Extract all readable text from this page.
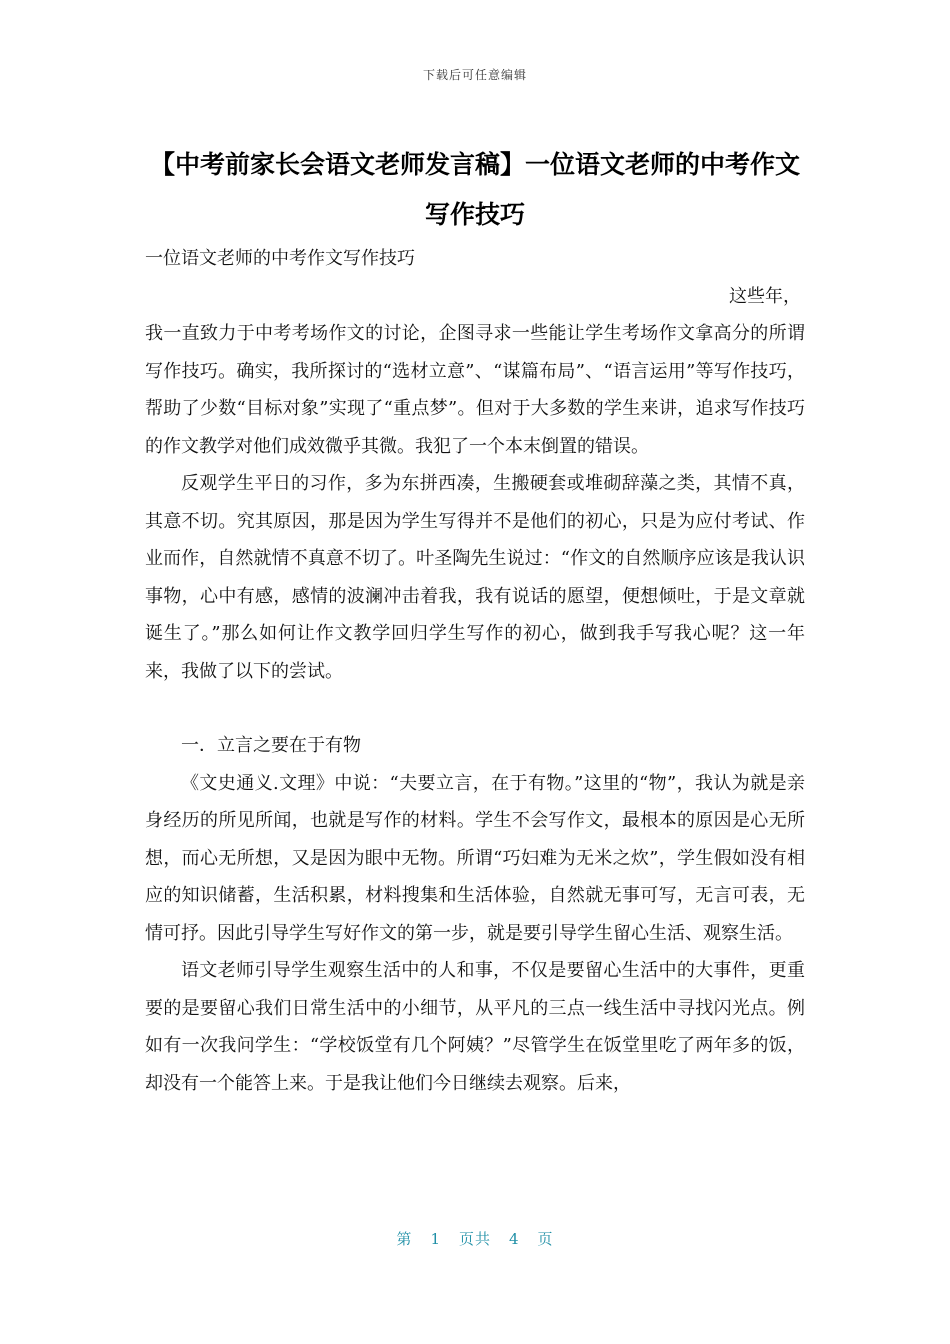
下载后可任意编辑
【中考前家长会语文老师发言稿】一位语文老师的中考作文写作技巧

一位语文老师的中考作文写作技巧

这些年，

我一直致力于中考考场作文的讨论，企图寻求一些能让学生考场作文拿高分的所谓写作技巧。确实，我所探讨的“选材立意”、“谋篇布局”、“语言运用”等写作技巧，帮助了少数“目标对象”实现了“重点梦”。但对于大多数的学生来讲，追求写作技巧的作文教学对他们成效微乎其微。我犯了一个本末倒置的错误。

反观学生平日的习作，多为东拼西凑，生搬硬套或堆砌辞藻之类，其情不真，其意不切。究其原因，那是因为学生写得并不是他们的初心，只是为应付考试、作业而作，自然就情不真意不切了。叶圣陶先生说过：“作文的自然顺序应该是我认识事物，心中有感，感情的波澜冲击着我，我有说话的愿望，便想倾吐，于是文章就诞生了。”那么如何让作文教学回归学生写作的初心，做到我手写我心呢？这一年来，我做了以下的尝试。

一．立言之要在于有物

《文史通义.文理》中说：“夫要立言，在于有物。”这里的“物”，我认为就是亲身经历的所见所闻，也就是写作的材料。学生不会写作文，最根本的原因是心无所想，而心无所想，又是因为眼中无物。所谓“巧妇难为无米之炊”，学生假如没有相应的知识储蓄，生活积累，材料搜集和生活体验，自然就无事可写，无言可表，无情可抒。因此引导学生写好作文的第一步，就是要引导学生留心生活、观察生活。

语文老师引导学生观察生活中的人和事，不仅是要留心生活中的大事件，更重要的是要留心我们日常生活中的小细节，从平凡的三点一线生活中寻找闪光点。例如有一次我问学生：“学校饭堂有几个阿姨？”尽管学生在饭堂里吃了两年多的饭，却没有一个能答上来。于是我让他们今日继续去观察。后来，

第 1 页共 4 页
